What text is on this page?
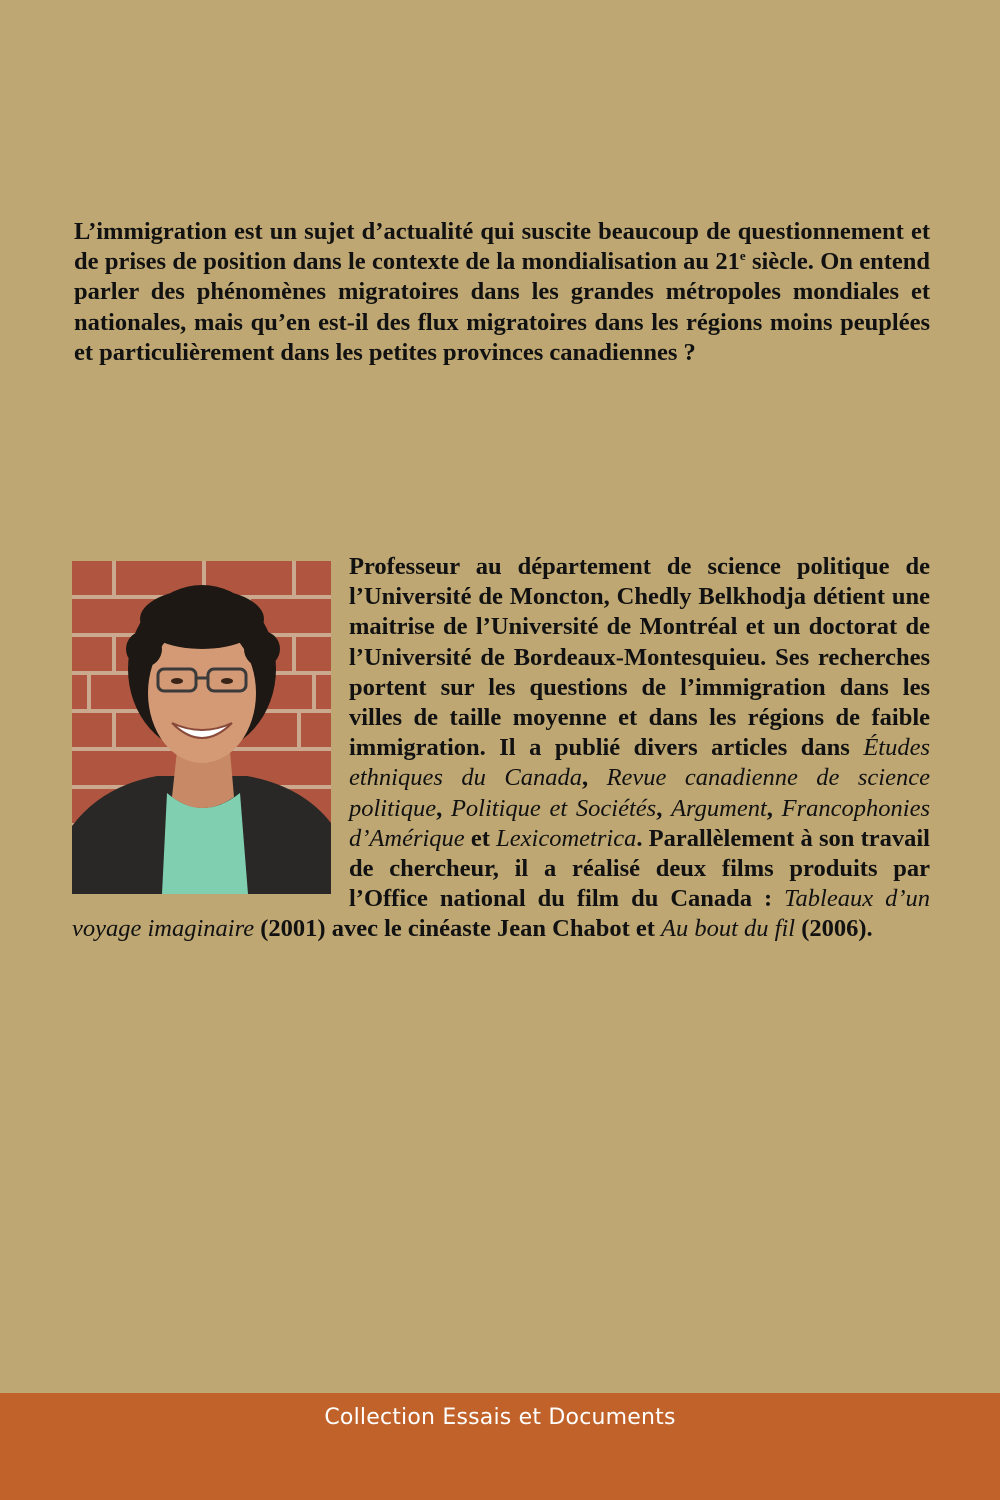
L’immigration est un sujet d’actualité qui suscite beaucoup de questionnement et de prises de position dans le contexte de la mondialisation au 21e siècle. On entend parler des phénomènes migratoires dans les grandes métropoles mondiales et nationales, mais qu’en est-il des flux migratoires dans les régions moins peuplées et particulièrement dans les petites provinces canadiennes ?

Professeur au département de science politique de l’Université de Moncton, Chedly Belkhodja détient une maitrise de l’Université de Montréal et un doctorat de l’Université de Bordeaux-Montesquieu. Ses recherches portent sur les questions de l’immigration dans les villes de taille moyenne et dans les régions de faible immigration. Il a publié divers articles dans Études ethniques du Canada, Revue canadienne de science politique, Politique et Sociétés, Argument, Francophonies d’Amérique et Lexicometrica. Parallèlement à son travail de chercheur, il a réalisé deux films produits par l’Office national du film du Canada : Tableaux d’un voyage imaginaire (2001) avec le cinéaste Jean Chabot et Au bout du fil (2006).

Collection Essais et Documents
